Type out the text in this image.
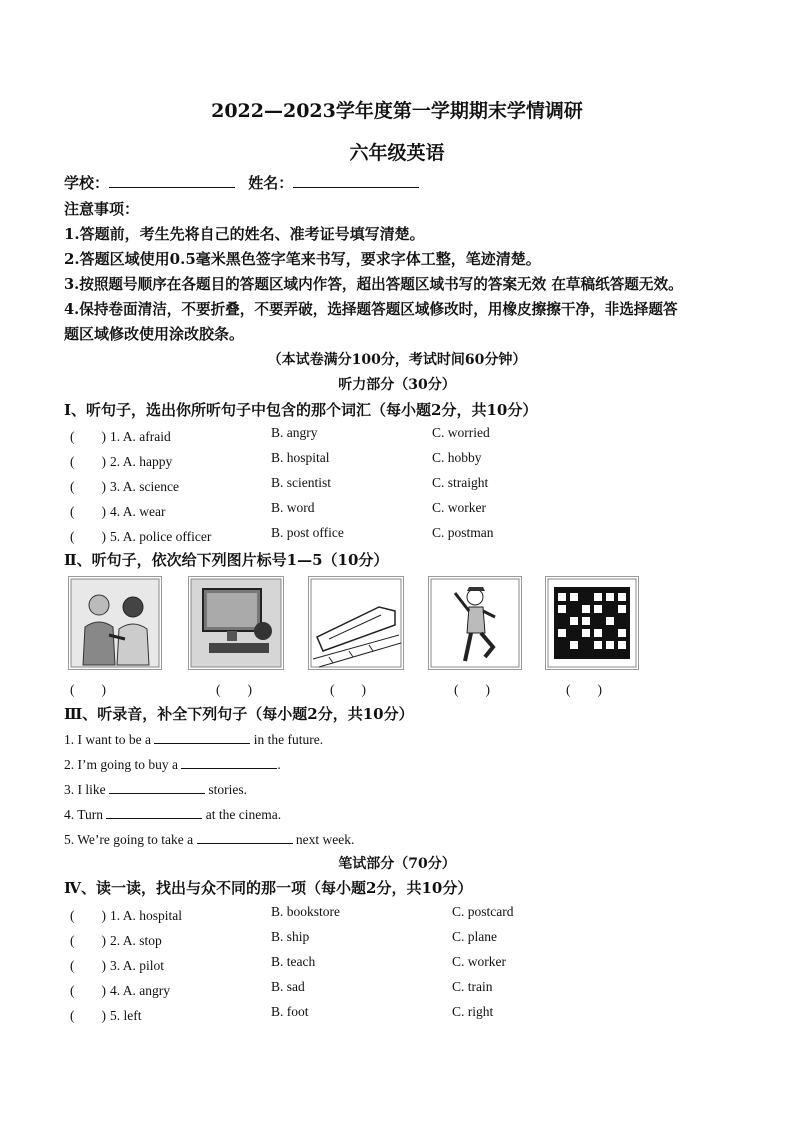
2022—2023学年度第一学期期末学情调研
六年级英语
学校：	姓名：
注意事项：
1.答题前，考生先将自己的姓名、准考证号填写清楚。
2.答题区域使用0.5毫米黑色签字笔来书写，要求字体工整，笔迹清楚。
3.按照题号顺序在各题目的答题区域内作答，超出答题区域书写的答案无效 在草稿纸答题无效。
4.保持卷面清洁，不要折叠，不要弄破，选择题答题区域修改时，用橡皮擦擦干净，非选择题答
题区域修改使用涂改胶条。
（本试卷满分100分，考试时间60分钟）
听力部分（30分）
Ⅰ、听句子，选出你所听句子中包含的那个词汇（每小题2分，共10分）
(　　) 1. A. afraid	B. angry	C. worried
(　　) 2. A. happy	B. hospital	C. hobby
(　　) 3. A. science	B. scientist	C. straight
(　　) 4. A. wear	B. word	C. worker
(　　) 5. A. police officer	B. post office	C. postman
Ⅱ、听句子，依次给下列图片标号1—5（10分）
(　　)	(　　)	(　　)	(　　)	(　　)
Ⅲ、听录音，补全下列句子（每小题2分，共10分）
1. I want to be a	in the future.
2. I’m going to buy a	.
3. I like	stories.
4. Turn	at the cinema.
5. We’re going to take a	next week.
笔试部分（70分）
Ⅳ、读一读，找出与众不同的那一项（每小题2分，共10分）
(　　) 1. A. hospital	B. bookstore	C. postcard
(　　) 2. A. stop	B. ship	C. plane
(　　) 3. A. pilot	B. teach	C. worker
(　　) 4. A. angry	B. sad	C. train
(　　) 5. left	B. foot	C. right
